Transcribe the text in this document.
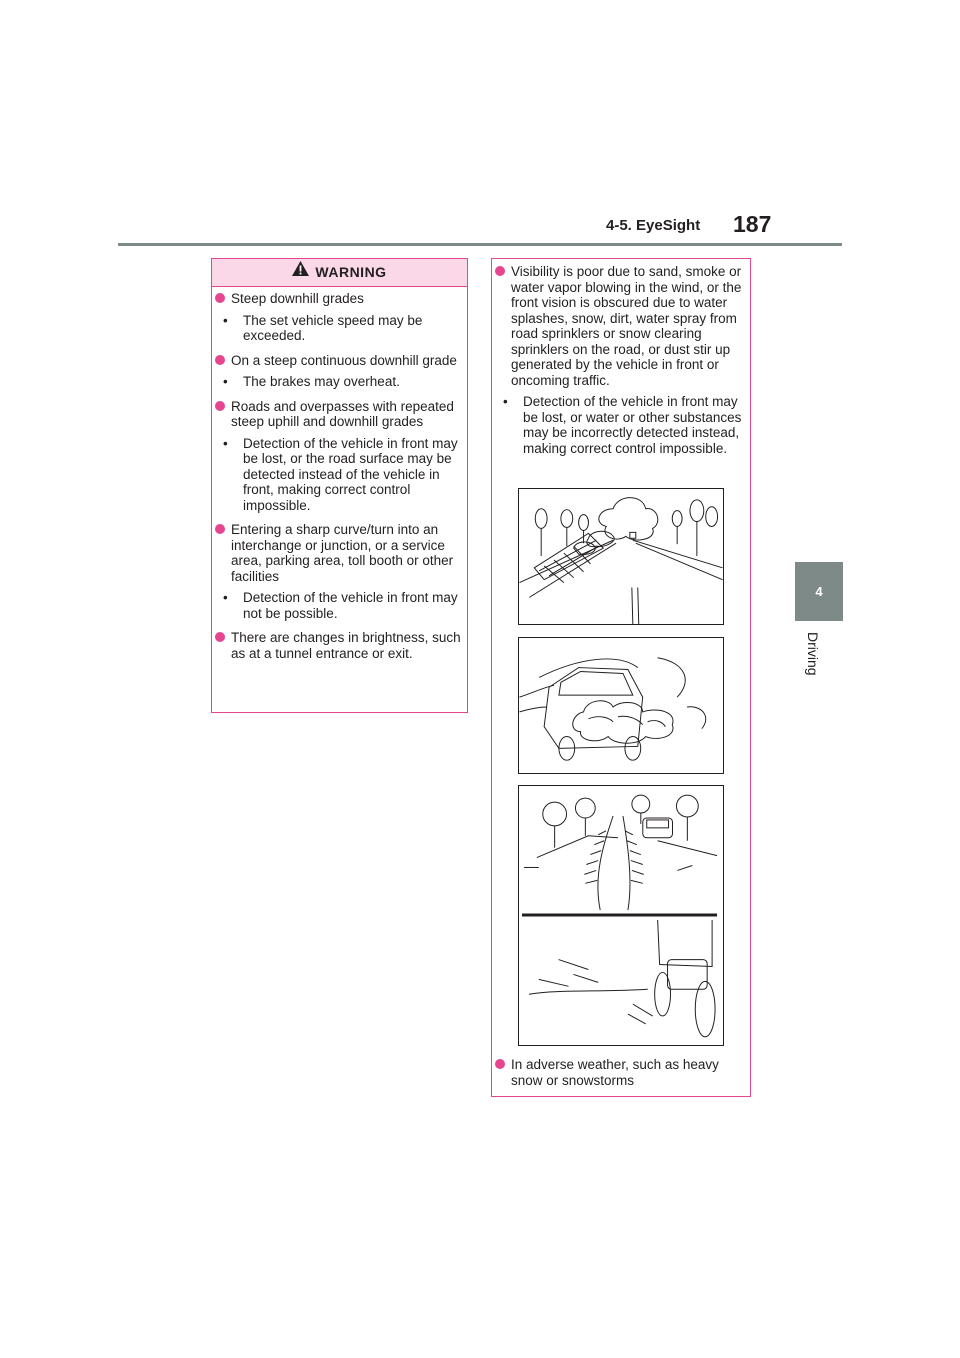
4-5. EyeSight 187
4
Driving
WARNING
Steep downhill grades
• The set vehicle speed may be exceeded.
On a steep continuous downhill grade
• The brakes may overheat.
Roads and overpasses with repeated steep uphill and downhill grades
• Detection of the vehicle in front may be lost, or the road surface may be detected instead of the vehicle in front, making correct control impossible.
Entering a sharp curve/turn into an interchange or junction, or a service area, parking area, toll booth or other facilities
• Detection of the vehicle in front may not be possible.
There are changes in brightness, such as at a tunnel entrance or exit.
Visibility is poor due to sand, smoke or water vapor blowing in the wind, or the front vision is obscured due to water splashes, snow, dirt, water spray from road sprinklers or snow clearing sprinklers on the road, or dust stir up generated by the vehicle in front or oncoming traffic.
• Detection of the vehicle in front may be lost, or water or other substances may be incorrectly detected instead, making correct control impossible.
In adverse weather, such as heavy snow or snowstorms
